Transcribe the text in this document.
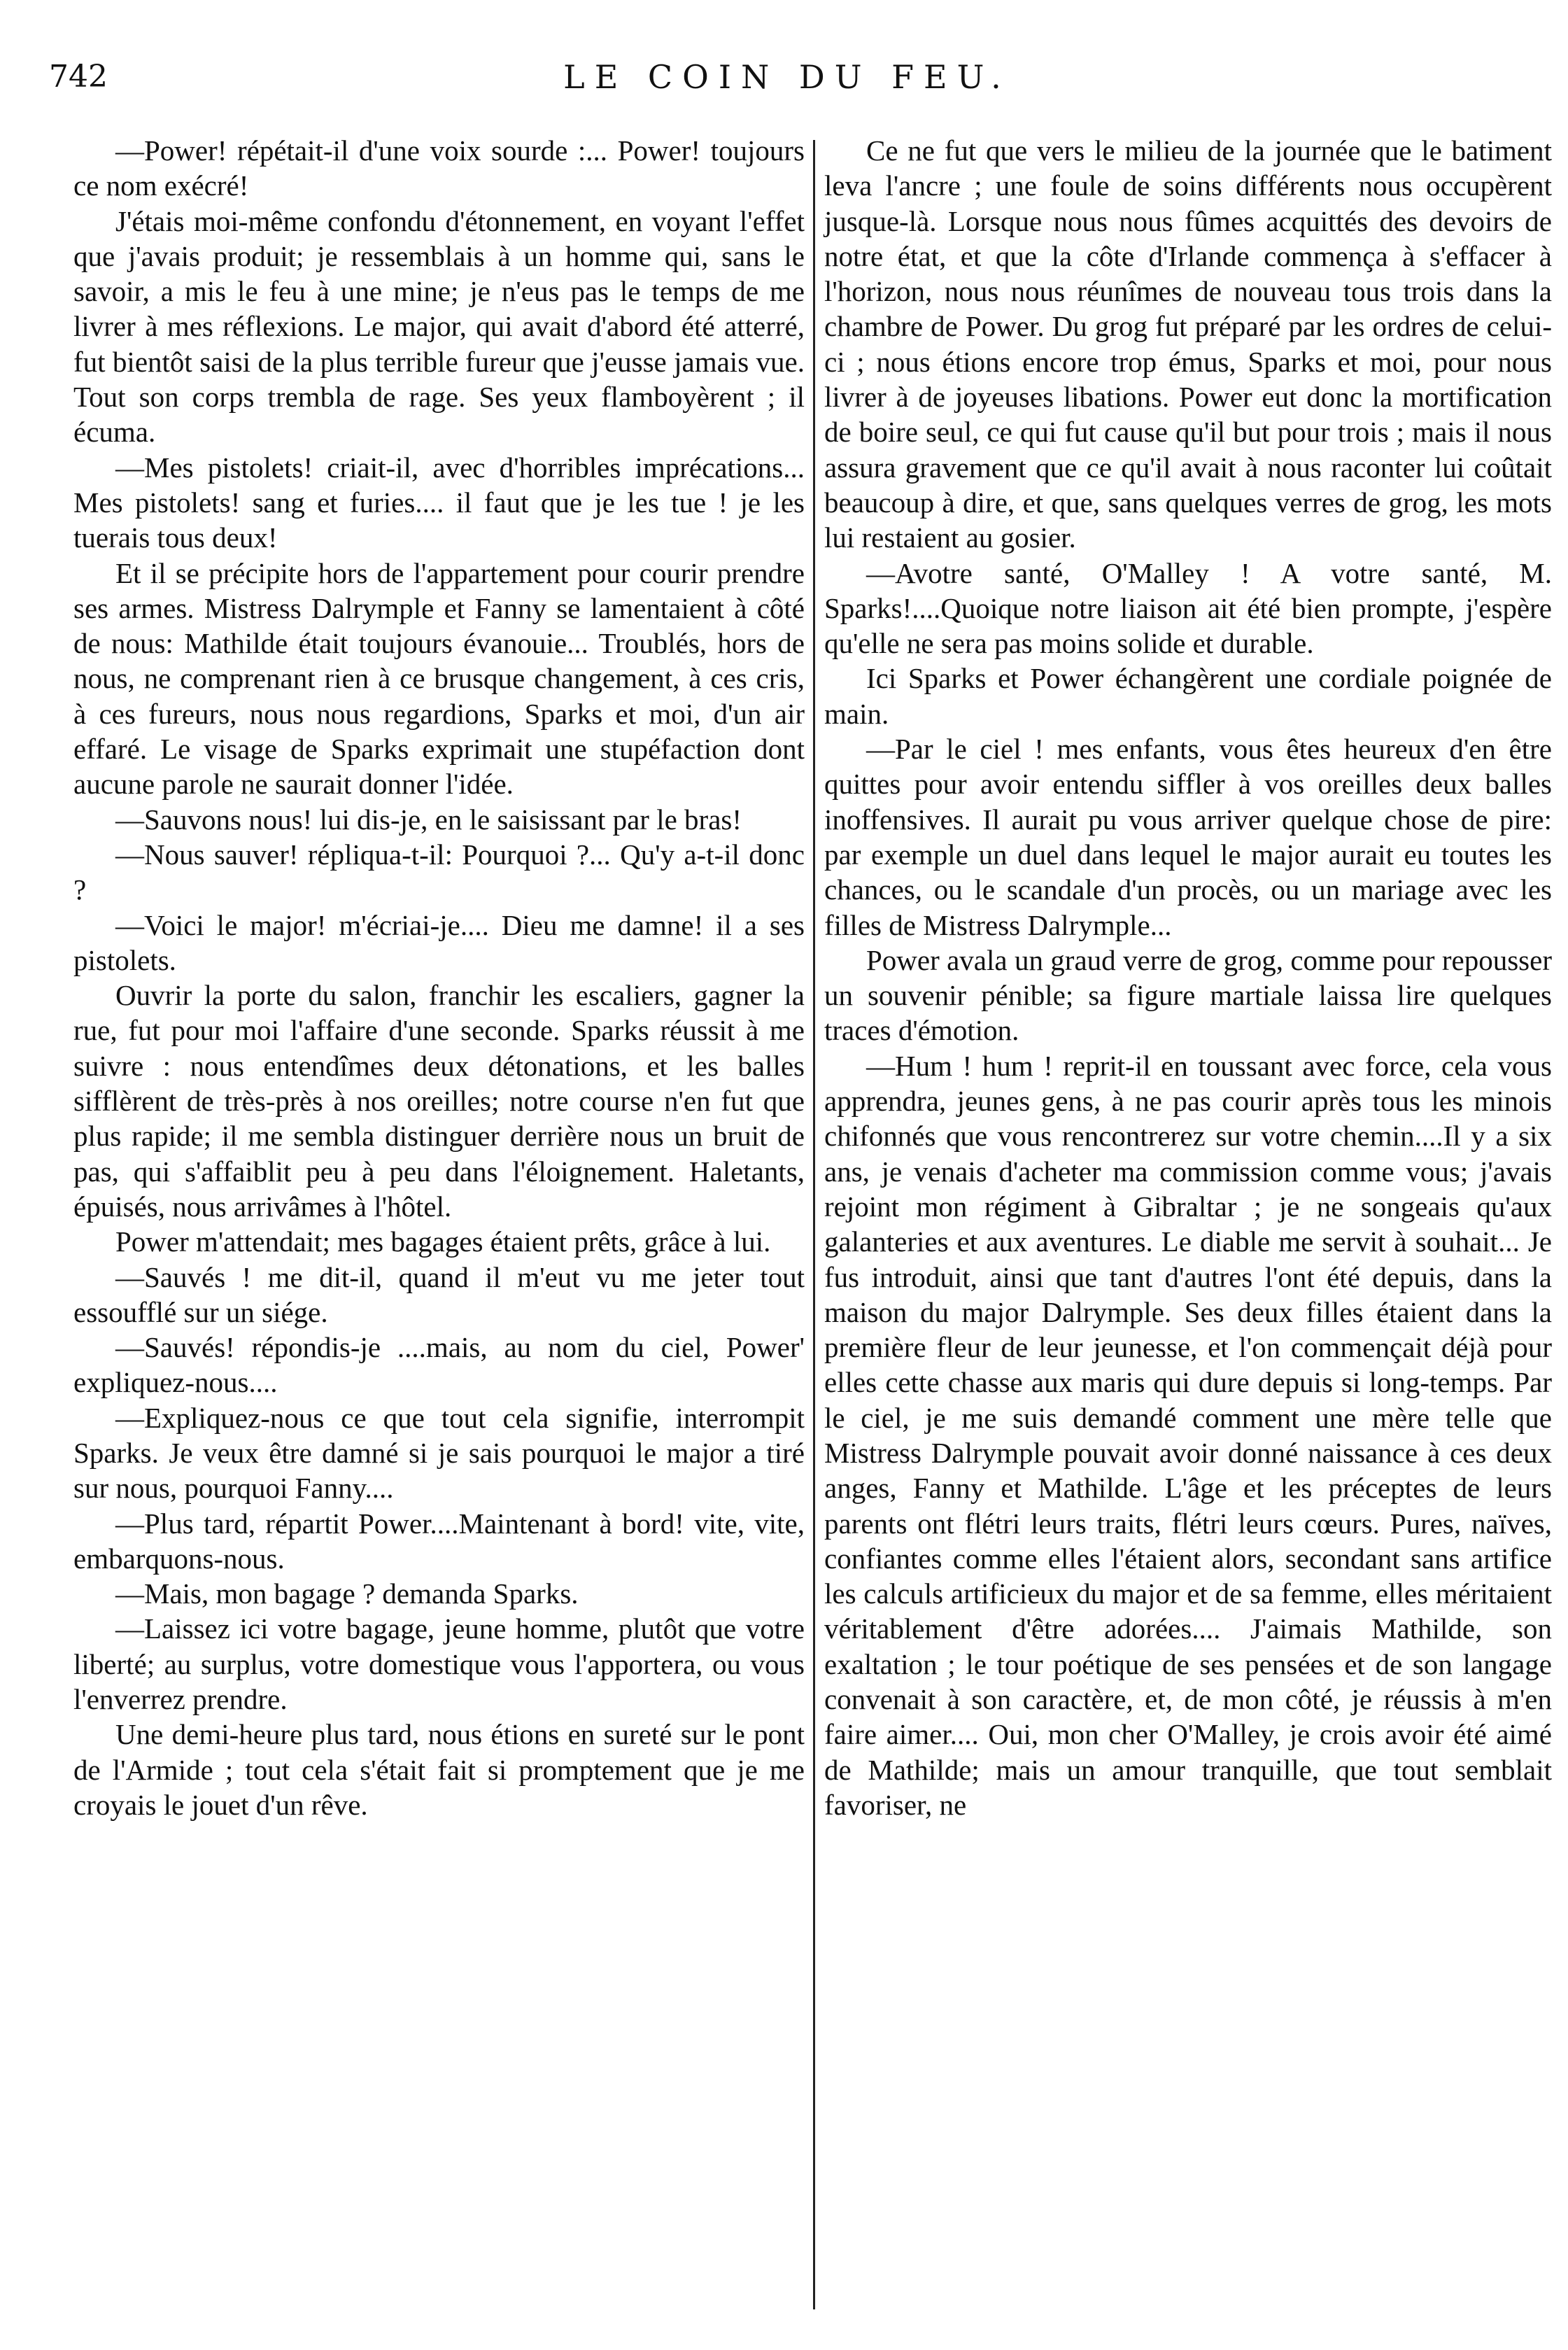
742	LE COIN DU FEU.

—Power! répétait-il d'une voix sourde :... Power! toujours ce nom exécré!

J'étais moi-même confondu d'étonnement, en voyant l'effet que j'avais produit; je ressemblais à un homme qui, sans le savoir, a mis le feu à une mine; je n'eus pas le temps de me livrer à mes réflexions. Le major, qui avait d'abord été atterré, fut bientôt saisi de la plus terrible fureur que j'eusse jamais vue. Tout son corps trembla de rage. Ses yeux flamboyèrent ; il écuma.

—Mes pistolets! criait-il, avec d'horribles imprécations... Mes pistolets! sang et furies.... il faut que je les tue ! je les tuerais tous deux!

Et il se précipite hors de l'appartement pour courir prendre ses armes. Mistress Dalrymple et Fanny se lamentaient à côté de nous: Mathilde était toujours évanouie... Troublés, hors de nous, ne comprenant rien à ce brusque changement, à ces cris, à ces fureurs, nous nous regardions, Sparks et moi, d'un air effaré. Le visage de Sparks exprimait une stupéfaction dont aucune parole ne saurait donner l'idée.

—Sauvons nous! lui dis-je, en le saisissant par le bras!

—Nous sauver! répliqua-t-il: Pourquoi ?... Qu'y a-t-il donc ?

—Voici le major! m'écriai-je.... Dieu me damne! il a ses pistolets.

Ouvrir la porte du salon, franchir les escaliers, gagner la rue, fut pour moi l'affaire d'une seconde. Sparks réussit à me suivre : nous entendîmes deux détonations, et les balles sifflèrent de très-près à nos oreilles; notre course n'en fut que plus rapide; il me sembla distinguer derrière nous un bruit de pas, qui s'affaiblit peu à peu dans l'éloignement. Haletants, épuisés, nous arrivâmes à l'hôtel.

Power m'attendait; mes bagages étaient prêts, grâce à lui.

—Sauvés ! me dit-il, quand il m'eut vu me jeter tout essoufflé sur un siége.

—Sauvés! répondis-je ....mais, au nom du ciel, Power' expliquez-nous....

—Expliquez-nous ce que tout cela signifie, interrompit Sparks. Je veux être damné si je sais pourquoi le major a tiré sur nous, pourquoi Fanny....

—Plus tard, répartit Power....Maintenant à bord! vite, vite, embarquons-nous.

—Mais, mon bagage ? demanda Sparks.

—Laissez ici votre bagage, jeune homme, plutôt que votre liberté; au surplus, votre domestique vous l'apportera, ou vous l'enverrez prendre.

Une demi-heure plus tard, nous étions en sureté sur le pont de l'Armide ; tout cela s'était fait si promptement que je me croyais le jouet d'un rêve.

Ce ne fut que vers le milieu de la journée que le batiment leva l'ancre ; une foule de soins différents nous occupèrent jusque-là. Lorsque nous nous fûmes acquittés des devoirs de notre état, et que la côte d'Irlande commença à s'effacer à l'horizon, nous nous réunîmes de nouveau tous trois dans la chambre de Power. Du grog fut préparé par les ordres de celui-ci ; nous étions encore trop émus, Sparks et moi, pour nous livrer à de joyeuses libations. Power eut donc la mortification de boire seul, ce qui fut cause qu'il but pour trois ; mais il nous assura gravement que ce qu'il avait à nous raconter lui coûtait beaucoup à dire, et que, sans quelques verres de grog, les mots lui restaient au gosier.

—Avotre santé, O'Malley ! A votre santé, M. Sparks!....Quoique notre liaison ait été bien prompte, j'espère qu'elle ne sera pas moins solide et durable.

Ici Sparks et Power échangèrent une cordiale poignée de main.

—Par le ciel ! mes enfants, vous êtes heureux d'en être quittes pour avoir entendu siffler à vos oreilles deux balles inoffensives. Il aurait pu vous arriver quelque chose de pire: par exemple un duel dans lequel le major aurait eu toutes les chances, ou le scandale d'un procès, ou un mariage avec les filles de Mistress Dalrymple...

Power avala un graud verre de grog, comme pour repousser un souvenir pénible; sa figure martiale laissa lire quelques traces d'émotion.

—Hum ! hum ! reprit-il en toussant avec force, cela vous apprendra, jeunes gens, à ne pas courir après tous les minois chifonnés que vous rencontrerez sur votre chemin....Il y a six ans, je venais d'acheter ma commission comme vous; j'avais rejoint mon régiment à Gibraltar ; je ne songeais qu'aux galanteries et aux aventures. Le diable me servit à souhait... Je fus introduit, ainsi que tant d'autres l'ont été depuis, dans la maison du major Dalrymple. Ses deux filles étaient dans la première fleur de leur jeunesse, et l'on commençait déjà pour elles cette chasse aux maris qui dure depuis si long-temps. Par le ciel, je me suis demandé comment une mère telle que Mistress Dalrymple pouvait avoir donné naissance à ces deux anges, Fanny et Mathilde. L'âge et les préceptes de leurs parents ont flétri leurs traits, flétri leurs cœurs. Pures, naïves, confiantes comme elles l'étaient alors, secondant sans artifice les calculs artificieux du major et de sa femme, elles méritaient véritablement d'être adorées.... J'aimais Mathilde, son exaltation ; le tour poétique de ses pensées et de son langage convenait à son caractère, et, de mon côté, je réussis à m'en faire aimer.... Oui, mon cher O'Malley, je crois avoir été aimé de Mathilde; mais un amour tranquille, que tout semblait favoriser, ne
